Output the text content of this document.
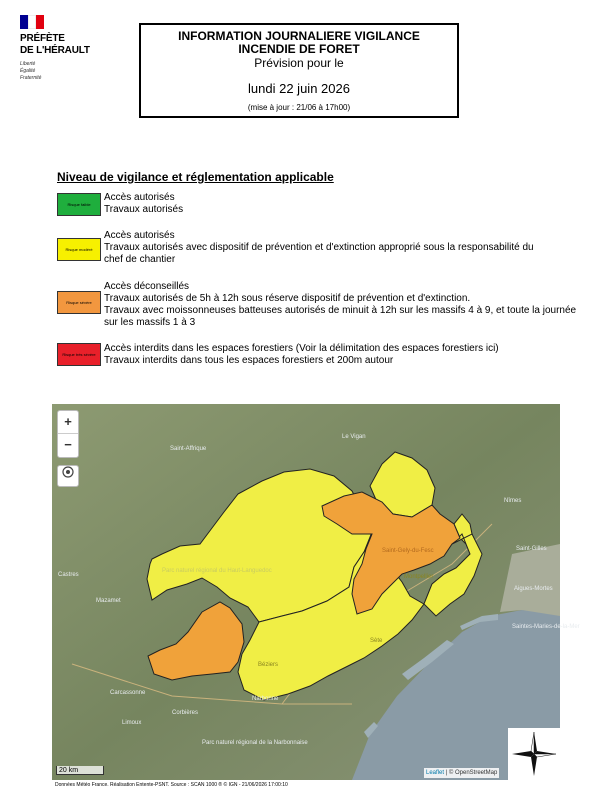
PRÉFÈTE
DE L'HÉRAULT
Liberté
Égalité
Fraternité
INFORMATION JOURNALIERE VIGILANCE
INCENDIE DE FORET
Prévision pour le
lundi 22 juin 2026
(mise à jour : 21/06 à 17h00)
Niveau de vigilance et réglementation applicable
Risque faible
Accès autorisés
Travaux autorisés
Risque modéré
Accès autorisés
Travaux autorisés avec dispositif de prévention et d'extinction approprié sous la responsabilité du
chef de chantier
Risque sévère
Accès déconseillés
Travaux autorisés de 5h à 12h sous réserve dispositif de prévention et d'extinction.
Travaux avec moissonneuses batteuses autorisés de minuit à 12h sur les massifs 4 à 9, et toute la journée
sur les massifs 1 à 3
Risque très sévère
Accès interdits dans les espaces forestiers (Voir la délimitation des espaces forestiers ici)
Travaux interdits dans tous les espaces forestiers et 200m autour
Le Vigan
Saint-Affrique
Nîmes
Castres
Saint-Gilles
Aigues-Mortes
Saintes-Maries-de-la-Mer
Mazamet
Parc naturel régional du Haut-Languedoc
Saint-Gely-du-Fesc
Montpellier
Sète
Béziers
Narbonne
Carcassonne
Limoux
Corbières
Parc naturel régional de la Narbonnaise
+
−
20 km	Leaflet | © OpenStreetMap
Données Météo France. Réalisation Entente-PSNT. Source : SCAN 1000 ® © IGN - 21/06/2026 17:00:10
